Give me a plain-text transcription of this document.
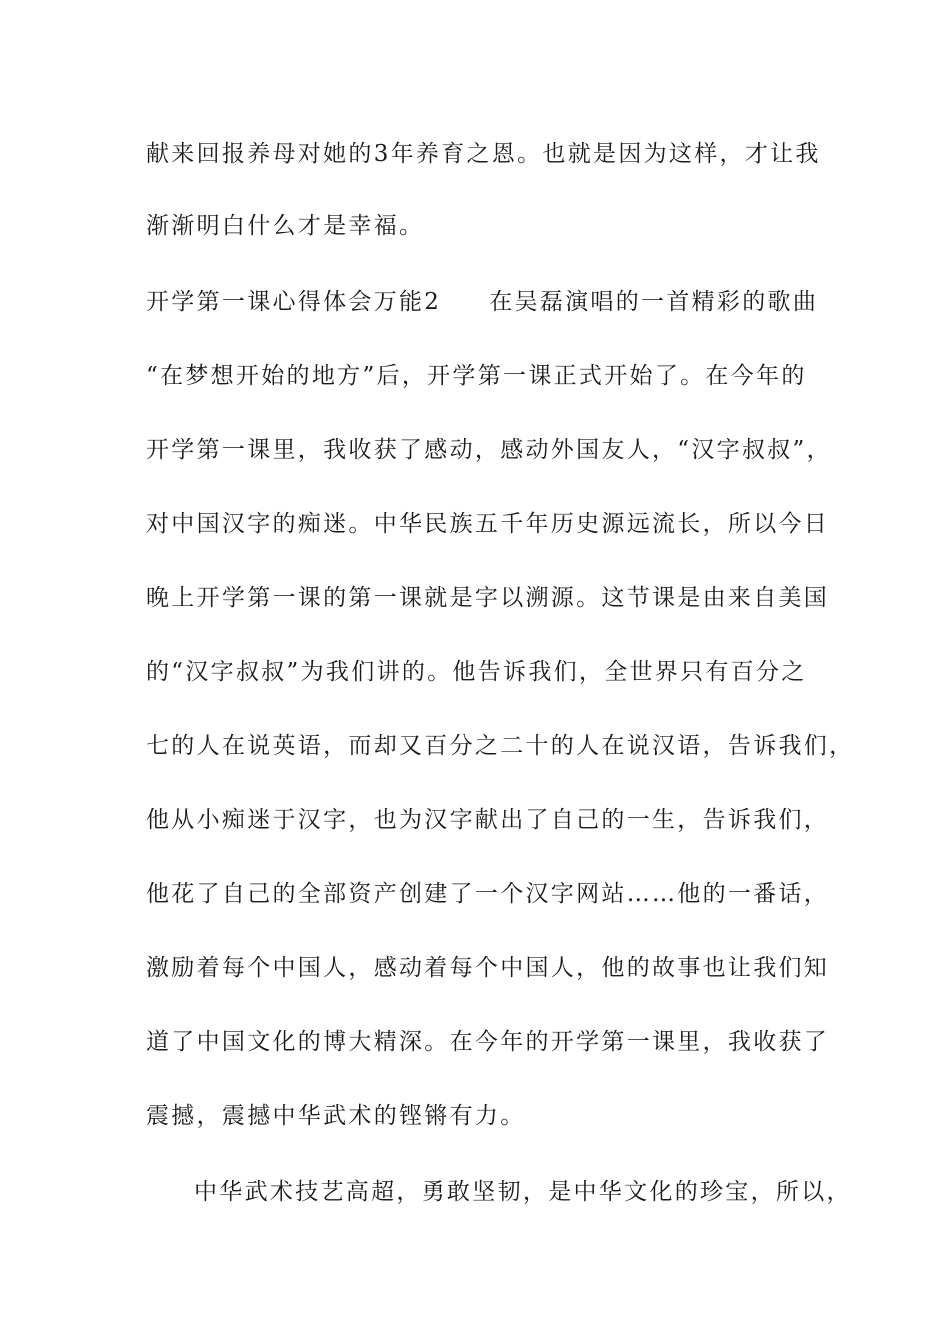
献来回报养母对她的3年养育之恩。也就是因为这样，才让我
渐渐明白什么才是幸福。
开学第一课心得体会万能2 在吴磊演唱的一首精彩的歌曲
“在梦想开始的地方”后，开学第一课正式开始了。在今年的
开学第一课里，我收获了感动，感动外国友人，“汉字叔叔”，
对中国汉字的痴迷。中华民族五千年历史源远流长，所以今日
晚上开学第一课的第一课就是字以溯源。这节课是由来自美国
的“汉字叔叔”为我们讲的。他告诉我们，全世界只有百分之
七的人在说英语，而却又百分之二十的人在说汉语，告诉我们，
他从小痴迷于汉字，也为汉字献出了自己的一生，告诉我们，
他花了自己的全部资产创建了一个汉字网站……他的一番话，
激励着每个中国人，感动着每个中国人，他的故事也让我们知
道了中国文化的博大精深。在今年的开学第一课里，我收获了
震撼，震撼中华武术的铿锵有力。
中华武术技艺高超，勇敢坚韧，是中华文化的珍宝，所以，
